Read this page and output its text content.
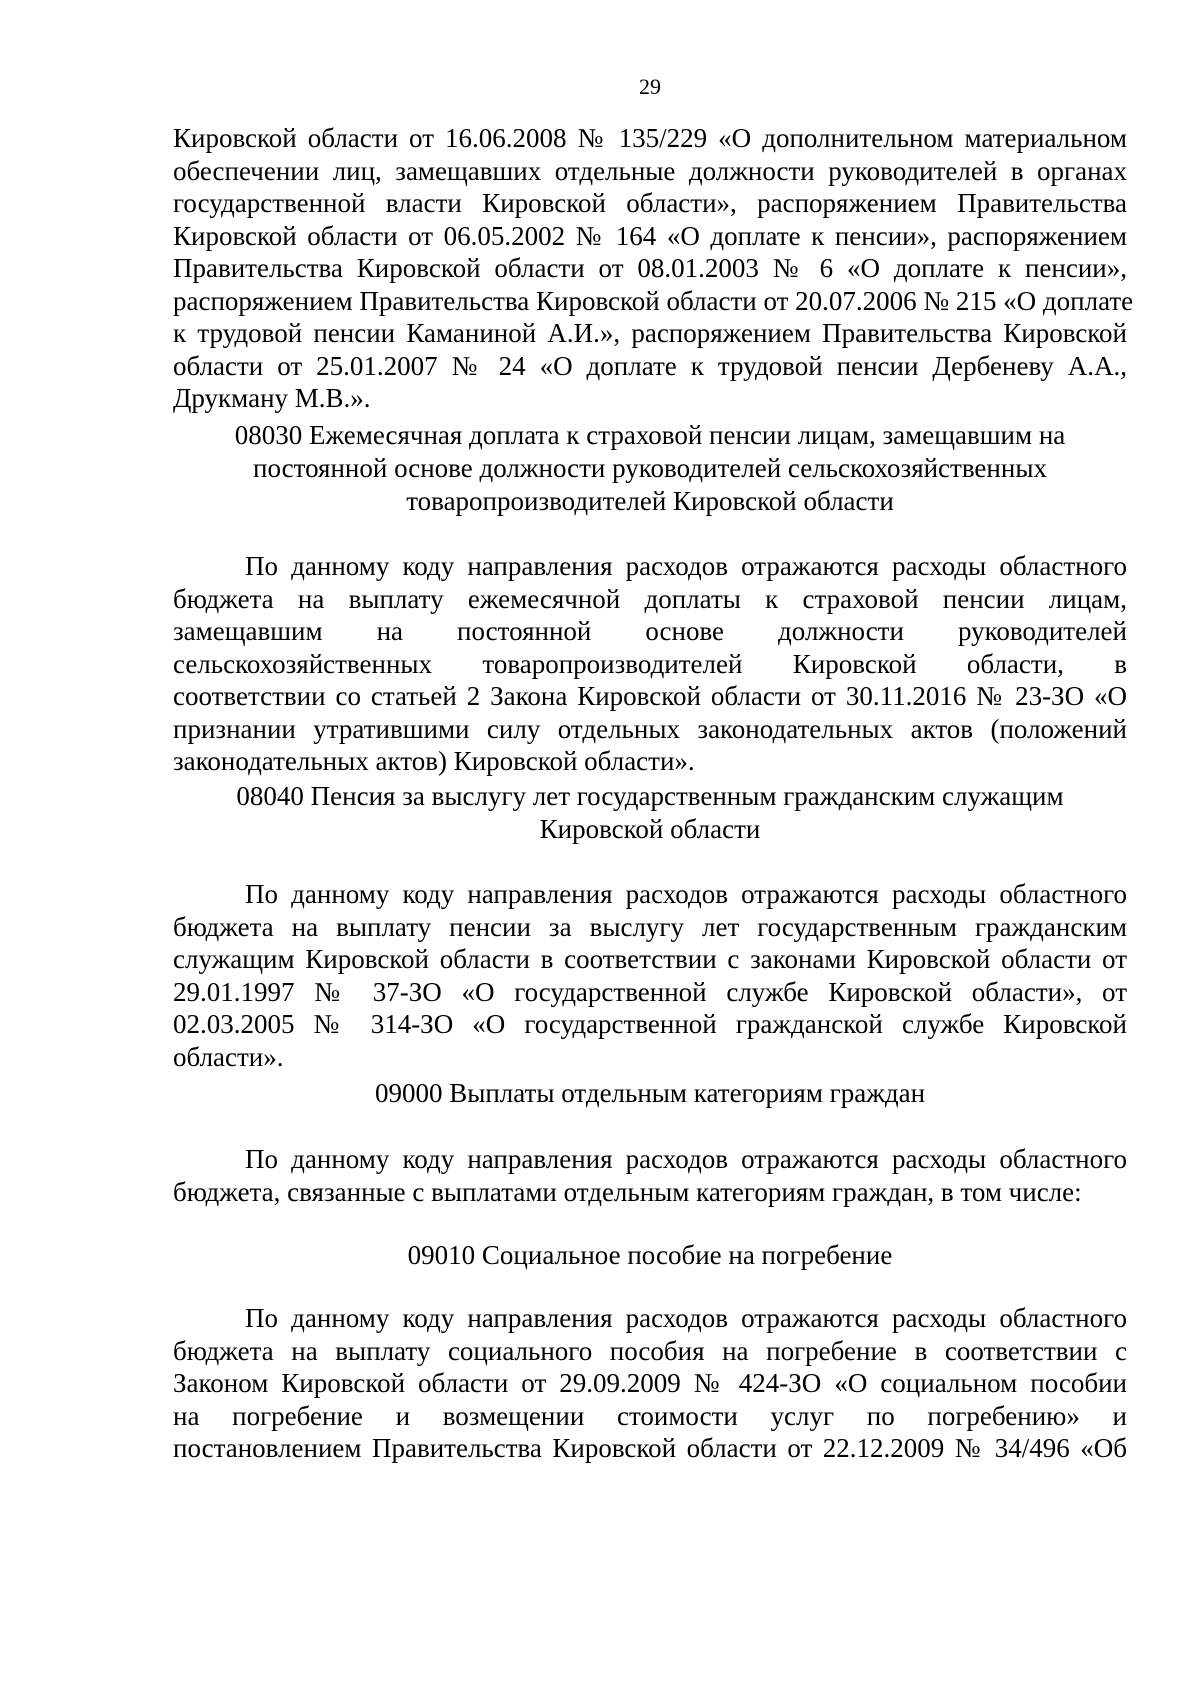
29
Кировской области от 16.06.2008 № 135/229 «О дополнительном материальном
обеспечении лиц, замещавших отдельные должности руководителей в органах
государственной власти Кировской области», распоряжением Правительства
Кировской области от 06.05.2002 № 164 «О доплате к пенсии», распоряжением
Правительства Кировской области от 08.01.2003 № 6 «О доплате к пенсии»,
распоряжением Правительства Кировской области от 20.07.2006 № 215 «О доплате
к трудовой пенсии Каманиной А.И.», распоряжением Правительства Кировской
области от 25.01.2007 № 24 «О доплате к трудовой пенсии Дербеневу А.А.,
Друкману М.В.».
08030 Ежемесячная доплата к страховой пенсии лицам, замещавшим на
постоянной основе должности руководителей сельскохозяйственных
товаропроизводителей Кировской области
По данному коду направления расходов отражаются расходы областного
бюджета на выплату ежемесячной доплаты к страховой пенсии лицам,
замещавшим на постоянной основе должности руководителей
сельскохозяйственных товаропроизводителей Кировской области, в
соответствии со статьей 2 Закона Кировской области от 30.11.2016 № 23-ЗО «О
признании утратившими силу отдельных законодательных актов (положений
законодательных актов) Кировской области».
08040 Пенсия за выслугу лет государственным гражданским служащим
Кировской области
По данному коду направления расходов отражаются расходы областного
бюджета на выплату пенсии за выслугу лет государственным гражданским
служащим Кировской области в соответствии с законами Кировской области от
29.01.1997 № 37-ЗО «О государственной службе Кировской области», от
02.03.2005 № 314-ЗО «О государственной гражданской службе Кировской
области».
09000 Выплаты отдельным категориям граждан
По данному коду направления расходов отражаются расходы областного
бюджета, связанные с выплатами отдельным категориям граждан, в том числе:
09010 Социальное пособие на погребение
По данному коду направления расходов отражаются расходы областного
бюджета на выплату социального пособия на погребение в соответствии с
Законом Кировской области от 29.09.2009 № 424-ЗО «О социальном пособии
на погребение и возмещении стоимости услуг по погребению» и
постановлением Правительства Кировской области от 22.12.2009 № 34/496 «Об
